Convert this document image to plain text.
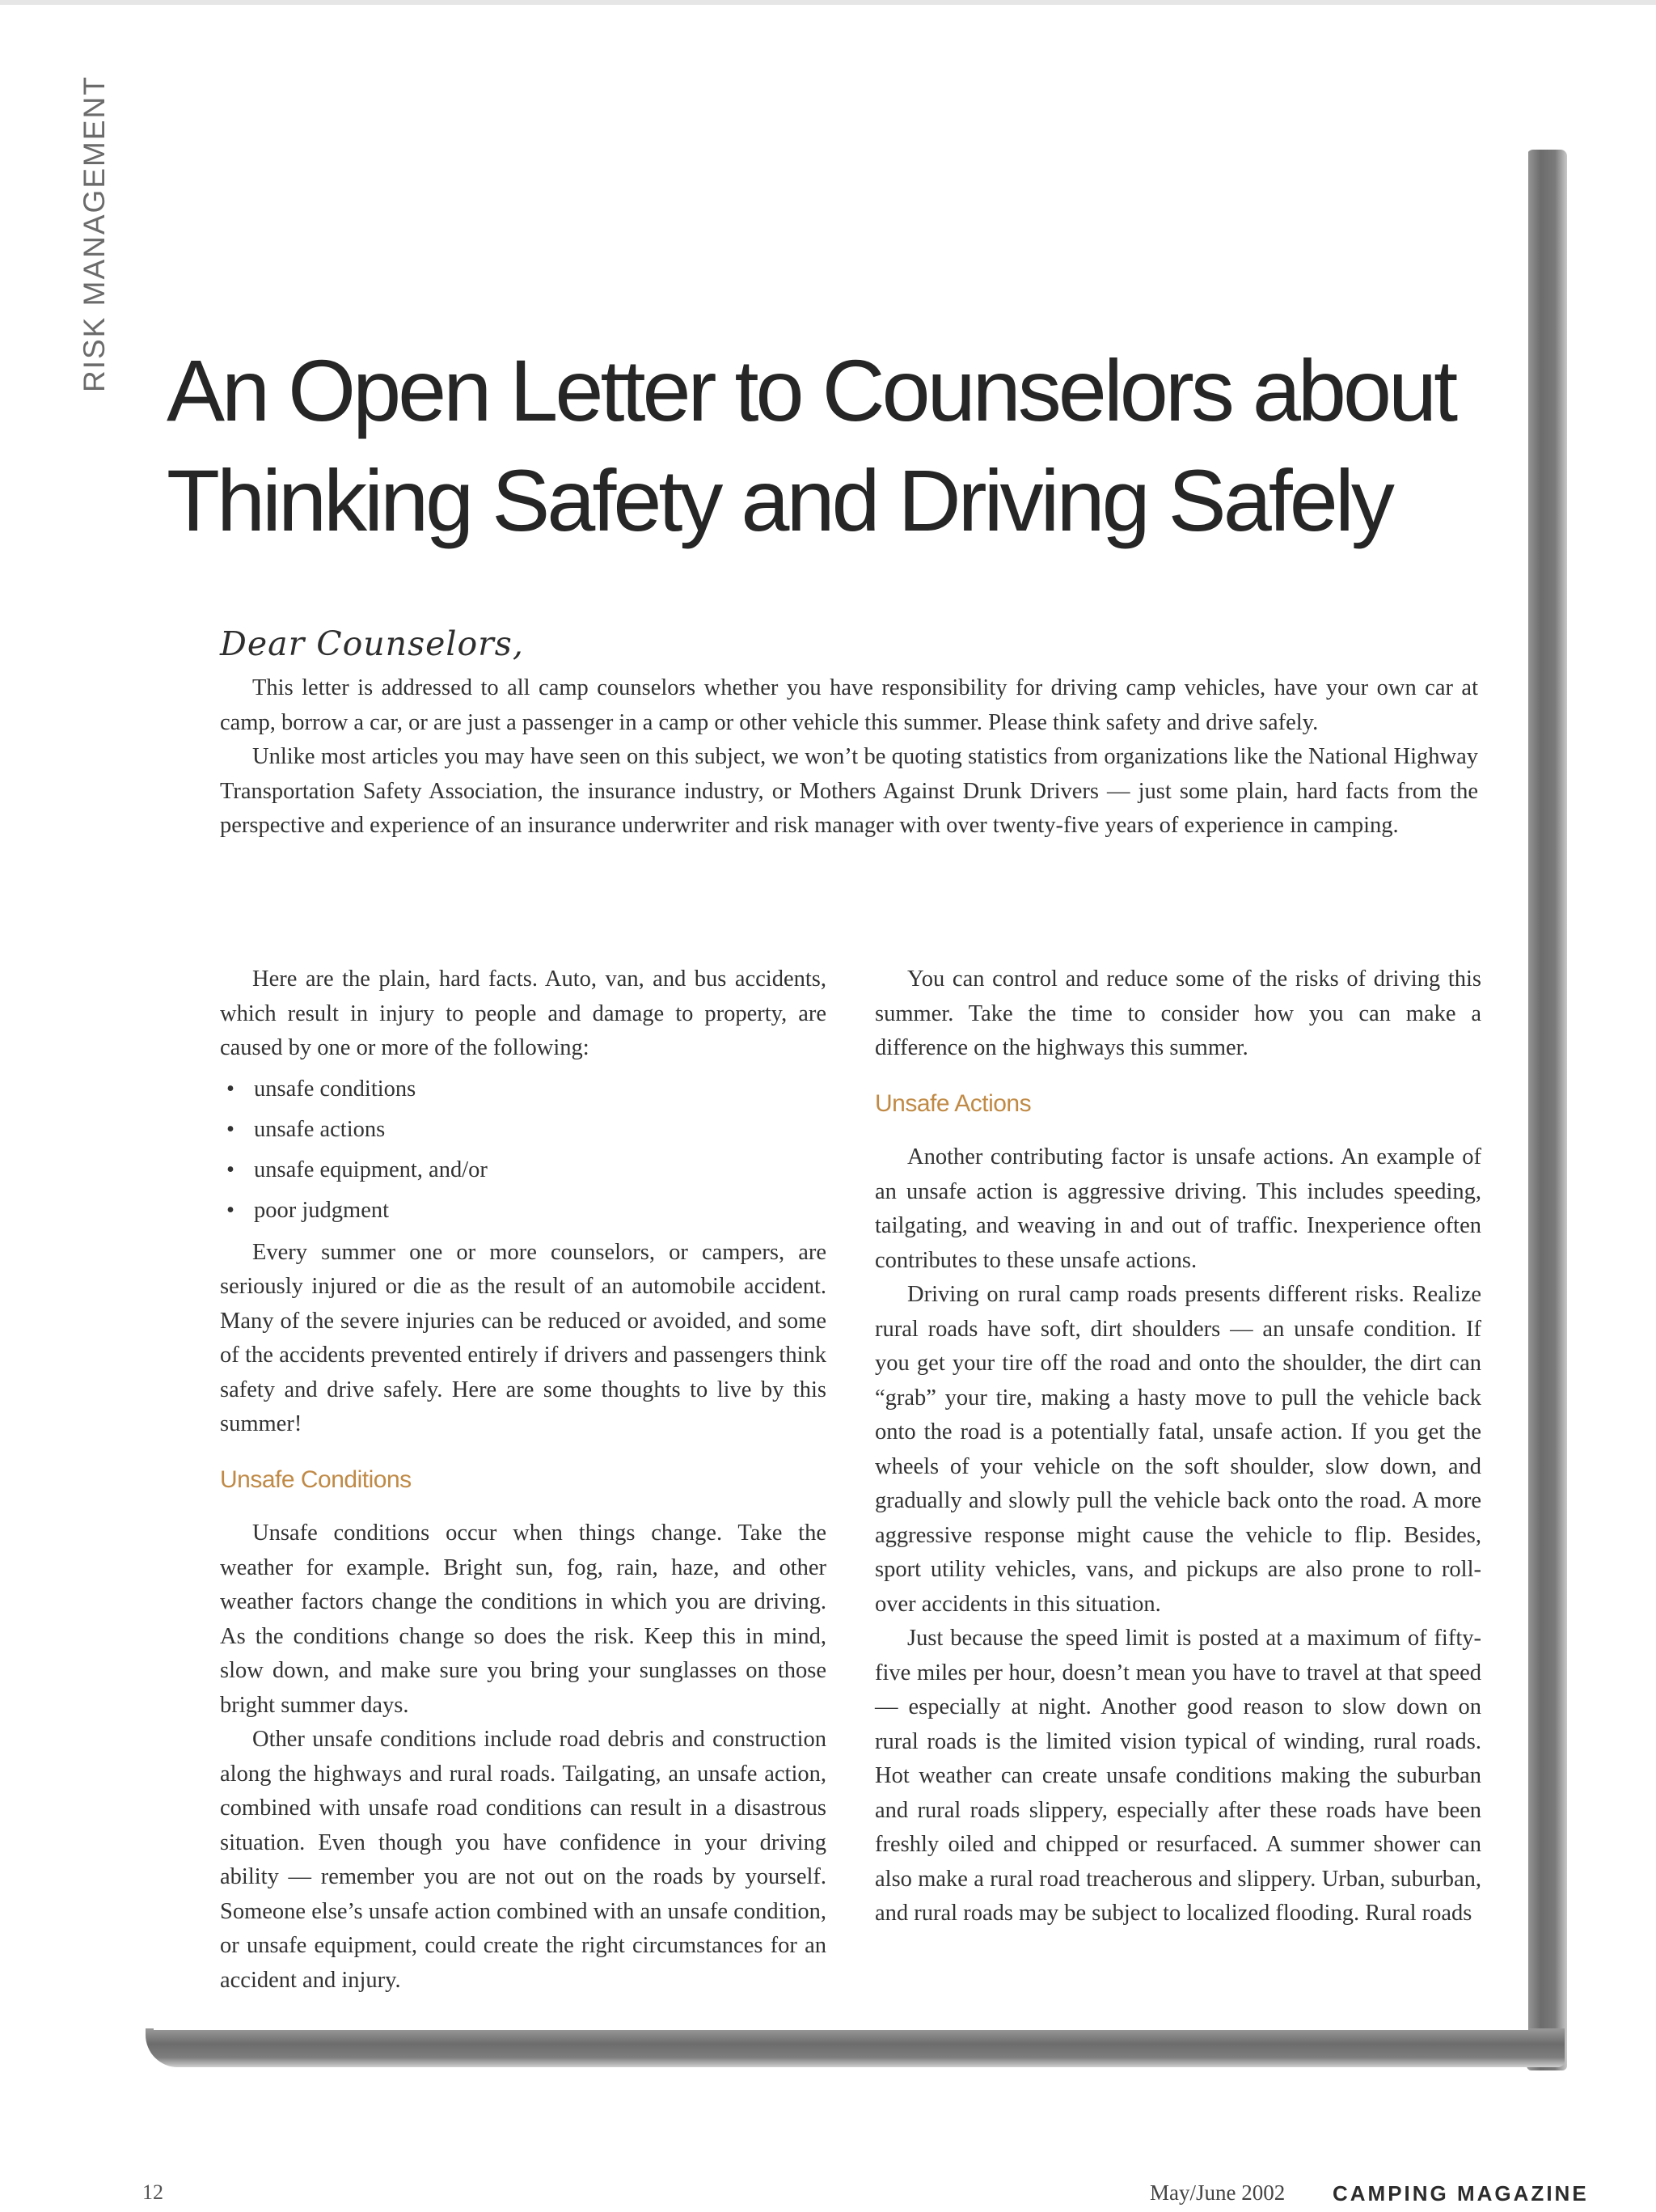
RISK MANAGEMENT An Open Letter to Counselors about
Thinking Safety and Driving Safely
Dear Counselors,

This letter is addressed to all camp counselors whether you have responsibility for driving camp vehicles, have your own car at camp, borrow a car, or are just a passenger in a camp or other vehicle this summer. Please think safety and drive safely.

Unlike most articles you may have seen on this subject, we won’t be quoting statistics from organizations like the National Highway Transportation Safety Association, the insurance industry, or Mothers Against Drunk Drivers — just some plain, hard facts from the perspective and experience of an insurance underwriter and risk manager with over twenty-five years of experience in camping.

Here are the plain, hard facts. Auto, van, and bus accidents, which result in injury to people and damage to property, are caused by one or more of the following:

• unsafe conditions
• unsafe actions
• unsafe equipment, and/or
• poor judgment

Every summer one or more counselors, or campers, are seriously injured or die as the result of an automobile accident. Many of the severe injuries can be reduced or avoided, and some of the accidents prevented entirely if drivers and passengers think safety and drive safely. Here are some thoughts to live by this summer!

Unsafe Conditions

Unsafe conditions occur when things change. Take the weather for example. Bright sun, fog, rain, haze, and other weather factors change the conditions in which you are driving. As the conditions change so does the risk. Keep this in mind, slow down, and make sure you bring your sunglasses on those bright summer days.

Other unsafe conditions include road debris and construction along the highways and rural roads. Tailgating, an unsafe action, combined with unsafe road conditions can result in a disastrous situation. Even though you have confidence in your driving ability — remember you are not out on the roads by yourself. Someone else’s unsafe action combined with an unsafe condition, or unsafe equipment, could create the right circumstances for an accident and injury.

You can control and reduce some of the risks of driving this summer. Take the time to consider how you can make a difference on the highways this summer.

Unsafe Actions

Another contributing factor is unsafe actions. An example of an unsafe action is aggressive driving. This includes speeding, tailgating, and weaving in and out of traffic. Inexperience often contributes to these unsafe actions.

Driving on rural camp roads presents different risks. Realize rural roads have soft, dirt shoulders — an unsafe condition. If you get your tire off the road and onto the shoulder, the dirt can “grab” your tire, making a hasty move to pull the vehicle back onto the road is a potentially fatal, unsafe action. If you get the wheels of your vehicle on the soft shoulder, slow down, and gradually and slowly pull the vehicle back onto the road. A more aggressive response might cause the vehicle to flip. Besides, sport utility vehicles, vans, and pickups are also prone to roll-over accidents in this situation.

Just because the speed limit is posted at a maximum of fifty-five miles per hour, doesn’t mean you have to travel at that speed — especially at night. Another good reason to slow down on rural roads is the limited vision typical of winding, rural roads. Hot weather can create unsafe conditions making the suburban and rural roads slippery, especially after these roads have been freshly oiled and chipped or resurfaced. A summer shower can also make a rural road treacherous and slippery. Urban, suburban, and rural roads may be subject to localized flooding. Rural roads

12	May/June 2002 CAMPING MAGAZINE
